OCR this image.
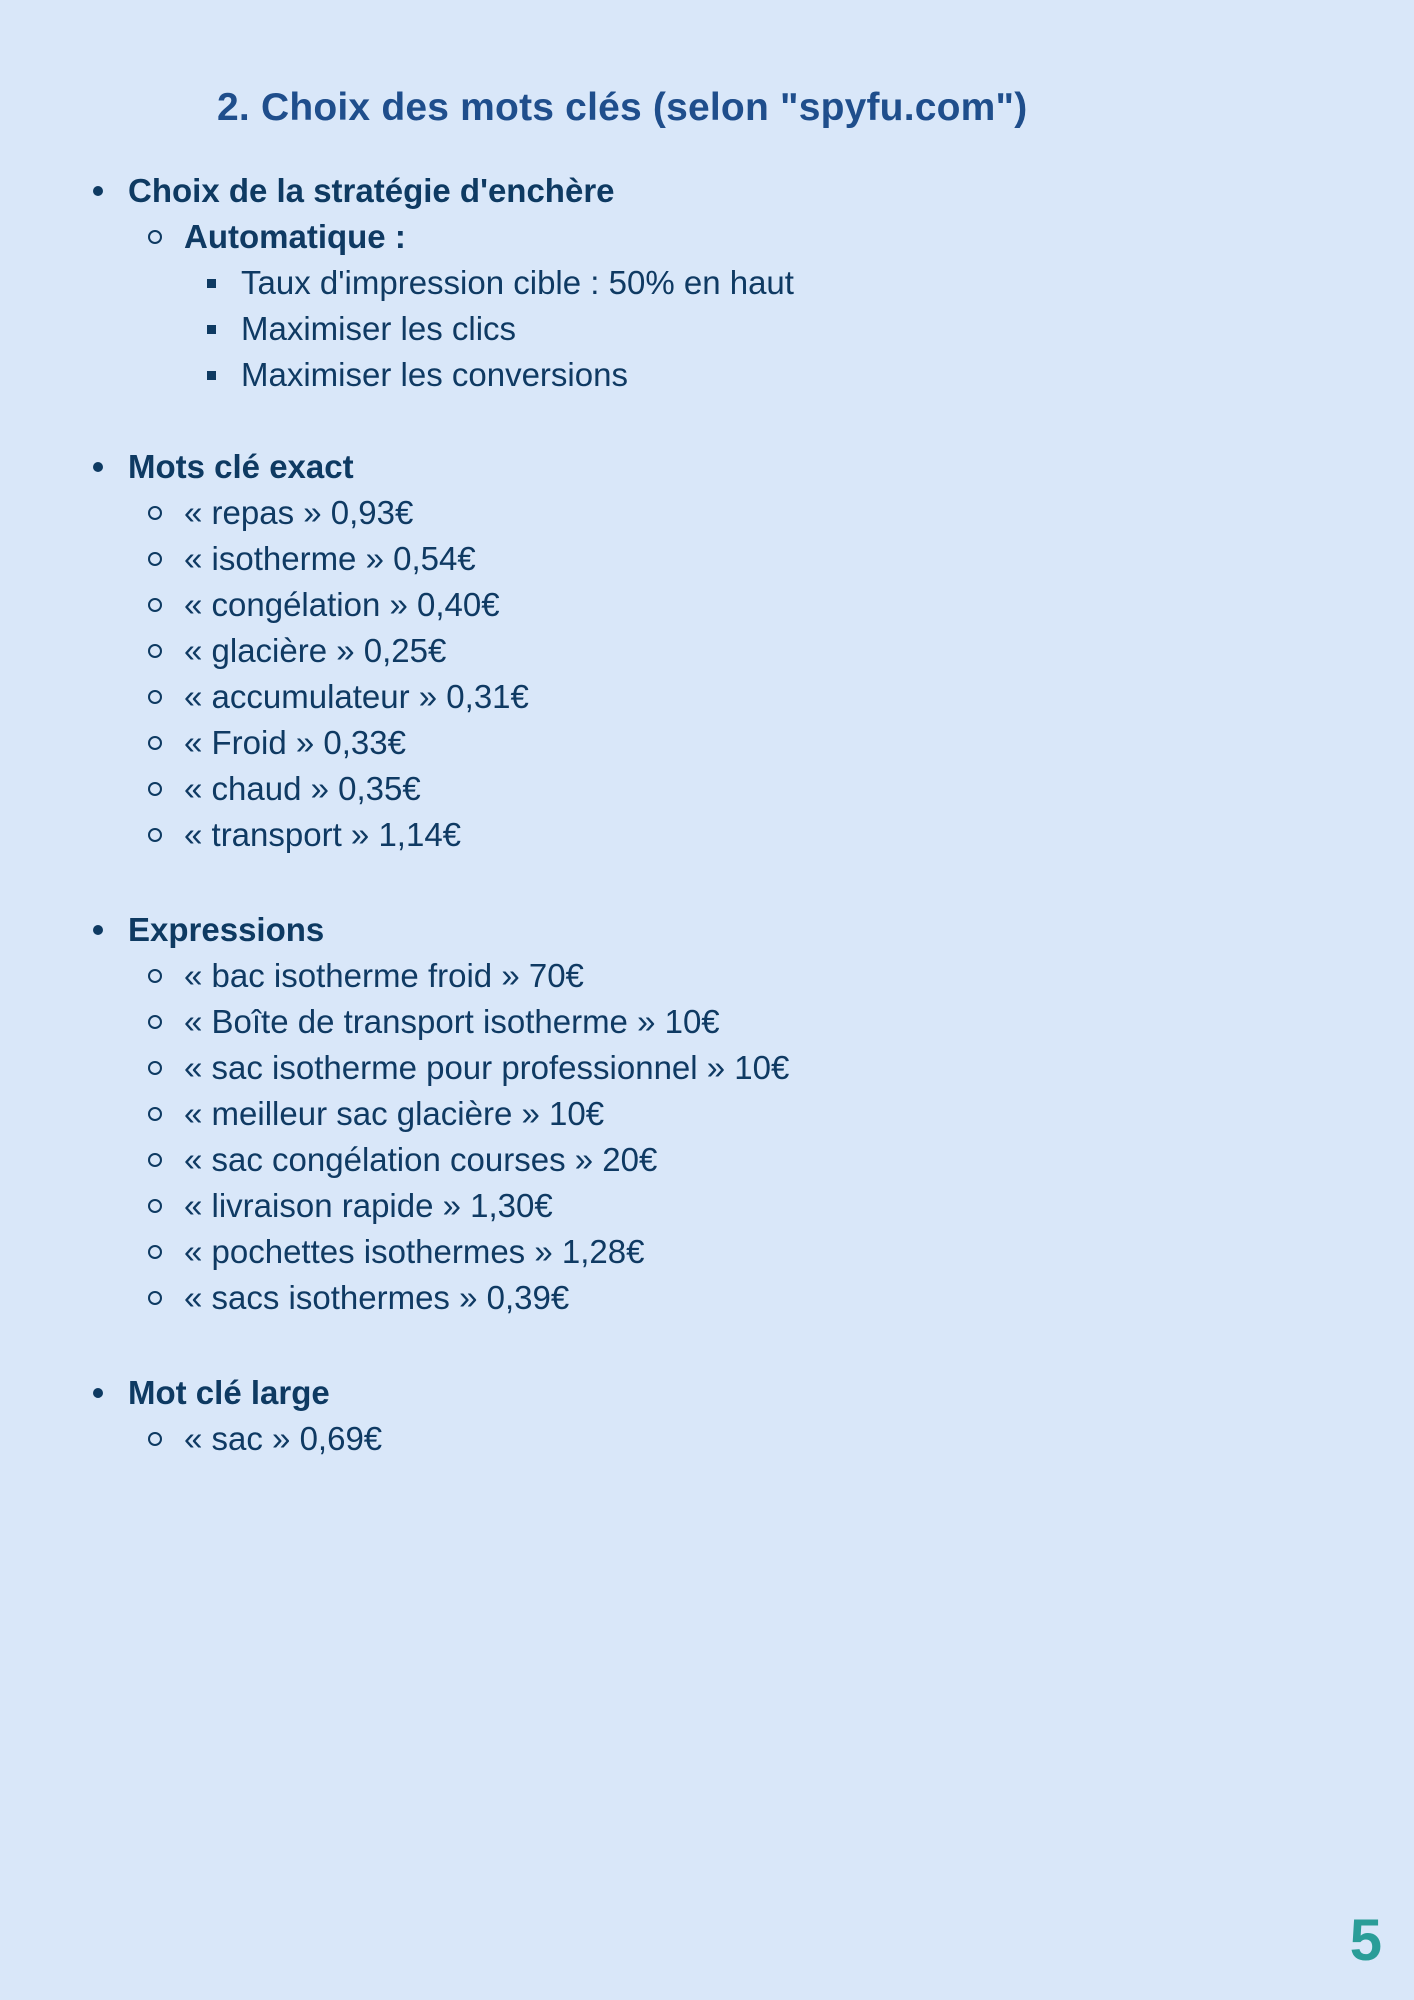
2. Choix des mots clés (selon "spyfu.com")
Choix de la stratégie d'enchère
Automatique :
Taux d'impression cible : 50% en haut
Maximiser les clics
Maximiser les conversions
Mots clé exact
« repas » 0,93€
« isotherme » 0,54€
« congélation » 0,40€
« glacière » 0,25€
« accumulateur » 0,31€
« Froid » 0,33€
« chaud » 0,35€
« transport » 1,14€
Expressions
« bac isotherme froid » 70€
« Boîte de transport isotherme » 10€
« sac isotherme pour professionnel » 10€
« meilleur sac glacière » 10€
« sac congélation courses » 20€
« livraison rapide » 1,30€
« pochettes isothermes » 1,28€
« sacs isothermes » 0,39€
Mot clé large
« sac » 0,69€
5
